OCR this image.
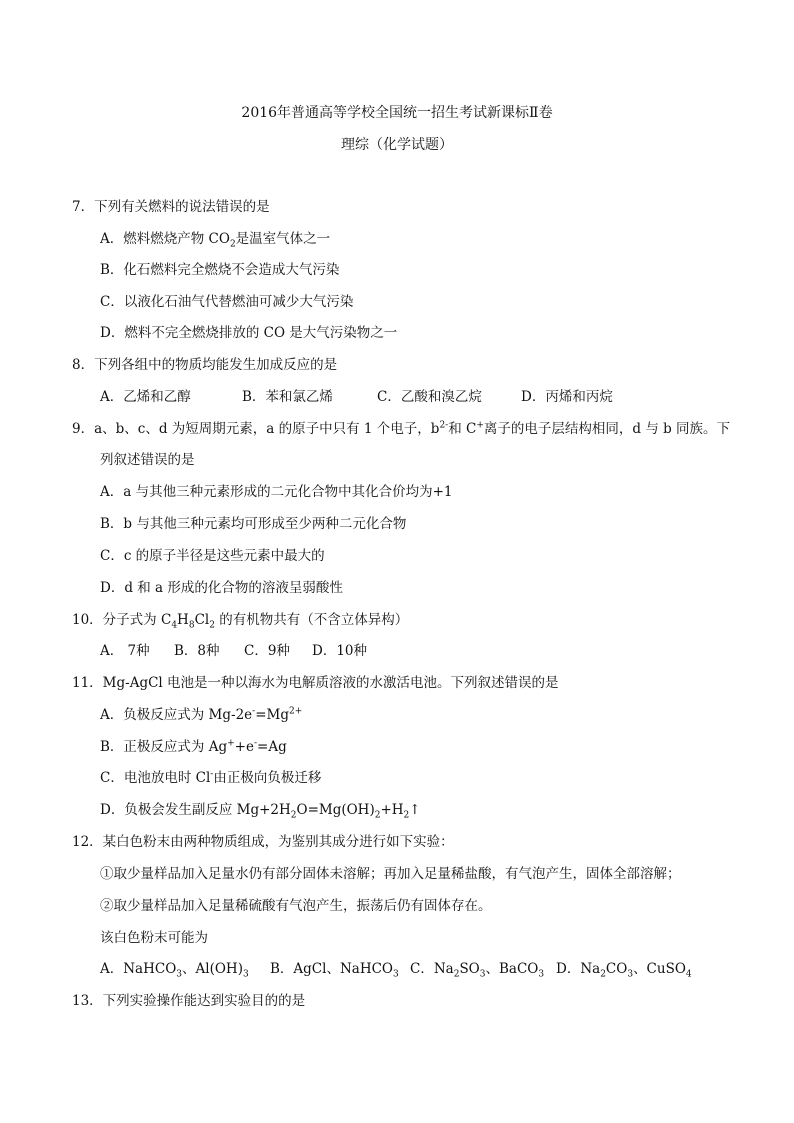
2016年普通高等学校全国统一招生考试新课标Ⅱ卷
理综（化学试题）
7．下列有关燃料的说法错误的是
A．燃料燃烧产物 $CO_2$是温室气体之一
B．化石燃料完全燃烧不会造成大气污染
C．以液化石油气代替燃油可减少大气污染
D．燃料不完全燃烧排放的 CO 是大气污染物之一
8．下列各组中的物质均能发生加成反应的是
A．乙烯和乙醇	B．苯和氯乙烯	C．乙酸和溴乙烷	D．丙烯和丙烷
9．a、b、c、d 为短周期元素，a 的原子中只有 1 个电子，$b^{2-}$和 C+离子的电子层结构相同，d 与 b 同族。下
列叙述错误的是
A．a 与其他三种元素形成的二元化合物中其化合价均为+1
B．b 与其他三种元素均可形成至少两种二元化合物
C．c 的原子半径是这些元素中最大的
D．d 和 a 形成的化合物的溶液呈弱酸性
10．分子式为 $C_4H_8Cl_2$ 的有机物共有（不含立体异构）
A． 7种 B．8种 C．9种 D．10种
11．Mg-AgCl 电池是一种以海水为电解质溶液的水激活电池。下列叙述错误的是
A．负极反应式为 $Mg-2e^-=Mg^{2+}$
B．正极反应式为 Ag++e-=Ag
C．电池放电时 Cl-由正极向负极迁移
D．负极会发生副反应 $Mg+2H_2O=Mg(OH)_2+H_2↑$
12．某白色粉末由两种物质组成，为鉴别其成分进行如下实验：
①取少量样品加入足量水仍有部分固体未溶解；再加入足量稀盐酸，有气泡产生，固体全部溶解；
②取少量样品加入足量稀硫酸有气泡产生，振荡后仍有固体存在。
该白色粉末可能为
A．NaHCO$_3$、$Al(OH)_3$ B．AgCl、NaHCO$_3$ C．$Na_2SO_3$、BaCO$_3$ D．$Na_2CO_3$、CuSO$_4$
13．下列实验操作能达到实验目的的是
